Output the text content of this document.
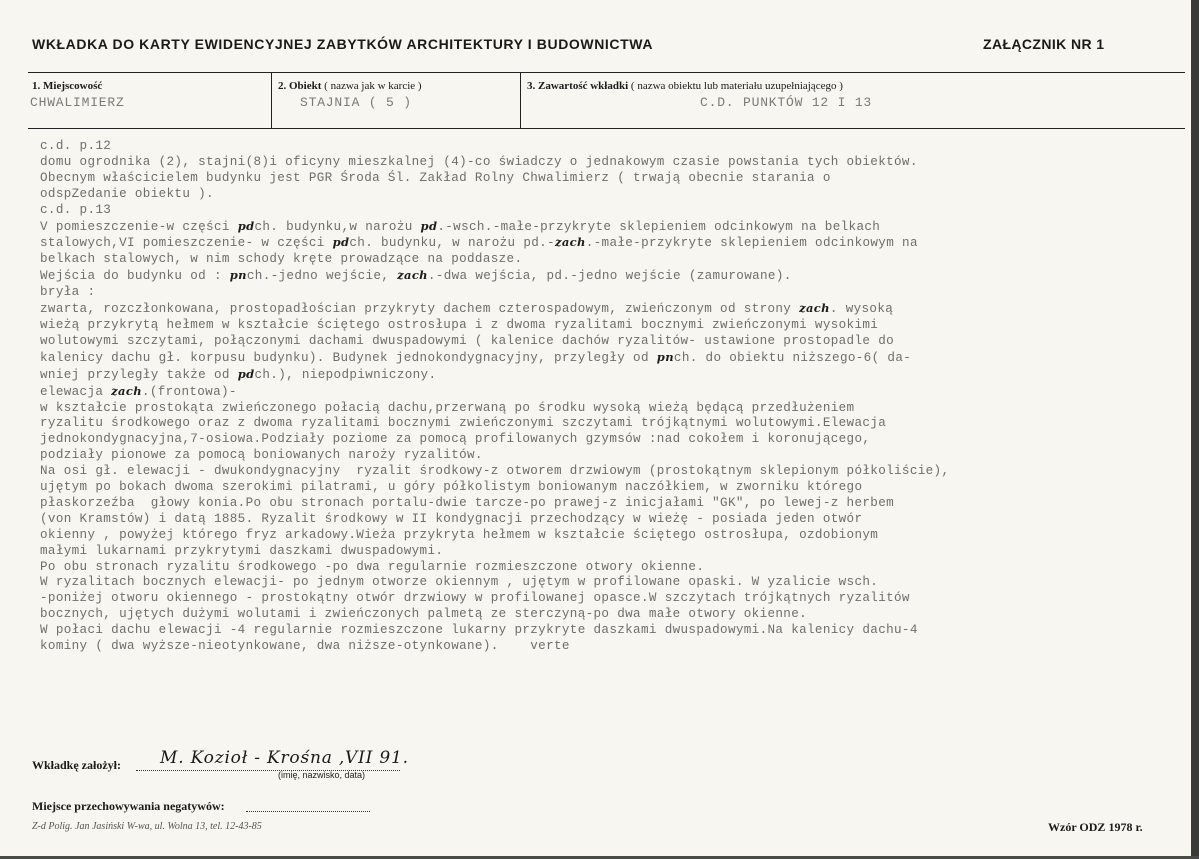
WKŁADKA DO KARTY EWIDENCYJNEJ ZABYTKÓW ARCHITEKTURY I BUDOWNICTWA	ZAŁĄCZNIK NR 1
1. Miejscowość
CHWALIMIERZ
2. Obiekt ( nazwa jak w karcie )
STAJNIA ( 5 )
3. Zawartość wkładki ( nazwa obiektu lub materiału uzupełniającego )
C.D. PUNKTÓW 12 I 13
c.d. p.12
domu ogrodnika (2), stajni(8)i oficyny mieszkalnej (4)-co świadczy o jednakowym czasie powstania tych obiektów.
Obecnym właścicielem budynku jest PGR Środa Śl. Zakład Rolny Chwalimierz ( trwają obecnie starania o
odspZedanie obiektu ).
c.d. p.13
V pomieszczenie-w części pdch. budynku,w narożu pd.-wsch.-małe-przykryte sklepieniem odcinkowym na belkach
stalowych,VI pomieszczenie- w części pdch. budynku, w narożu pd.-zach.-małe-przykryte sklepieniem odcinkowym na
belkach stalowych, w nim schody kręte prowadzące na poddasze.
Wejścia do budynku od : pnch.-jedno wejście, zach.-dwa wejścia, pd.-jedno wejście (zamurowane).
bryła :
zwarta, rozczłonkowana, prostopadłościan przykryty dachem czterospadowym, zwieńczonym od strony zach. wysoką
wieżą przykrytą hełmem w kształcie ściętego ostrosłupa i z dwoma ryzalitami bocznymi zwieńczonymi wysokimi
wolutowymi szczytami, połączonymi dachami dwuspadowymi ( kalenice dachów ryzalitów- ustawione prostopadle do
kalenicy dachu gł. korpusu budynku). Budynek jednokondygnacyjny, przyległy od pnch. do obiektu niższego-6( da-
wniej przyległy także od pdch.), niepodpiwniczony.
elewacja zach.(frontowa)-
w kształcie prostokąta zwieńczonego połacią dachu,przerwaną po środku wysoką wieżą będącą przedłużeniem
ryzalitu środkowego oraz z dwoma ryzalitami bocznymi zwieńczonymi szczytami trójkątnymi wolutowymi.Elewacja
jednokondygnacyjna,7-osiowa.Podziały poziome za pomocą profilowanych gzymsów :nad cokołem i koronującego,
podziały pionowe za pomocą boniowanych naroży ryzalitów.
Na osi gł. elewacji - dwukondygnacyjny  ryzalit środkowy-z otworem drzwiowym (prostokątnym sklepionym półkoliście),
ujętym po bokach dwoma szerokimi pilatrami, u góry półkolistym boniowanym naczółkiem, w zworniku którego
płaskorzeźba  głowy konia.Po obu stronach portalu-dwie tarcze-po prawej-z inicjałami "GK", po lewej-z herbem
(von Kramstów) i datą 1885. Ryzalit środkowy w II kondygnacji przechodzący w wieżę - posiada jeden otwór
okienny , powyżej którego fryz arkadowy.Wieża przykryta hełmem w kształcie ściętego ostrosłupa, ozdobionym
małymi lukarnami przykrytymi daszkami dwuspadowymi.
Po obu stronach ryzalitu środkowego -po dwa regularnie rozmieszczone otwory okienne.
W ryzalitach bocznych elewacji- po jednym otworze okiennym , ujętym w profilowane opaski. W yzalicie wsch.
-poniżej otworu okiennego - prostokątny otwór drzwiowy w profilowanej opasce.W szczytach trójkątnych ryzalitów
bocznych, ujętych dużymi wolutami i zwieńczonych palmetą ze sterczyną-po dwa małe otwory okienne.
W połaci dachu elewacji -4 regularnie rozmieszczone lukarny przykryte daszkami dwuspadowymi.Na kalenicy dachu-4
kominy ( dwa wyższe-nieotynkowane, dwa niższe-otynkowane).    verte
Wkładkę założył: M. Kozioł - Krośna ,VII 91.
(imię, nazwisko, data)
Miejsce przechowywania negatywów:
Z-d Polig. Jan Jasiński W-wa, ul. Wolna 13, tel. 12-43-85	Wzór ODZ 1978 r.
